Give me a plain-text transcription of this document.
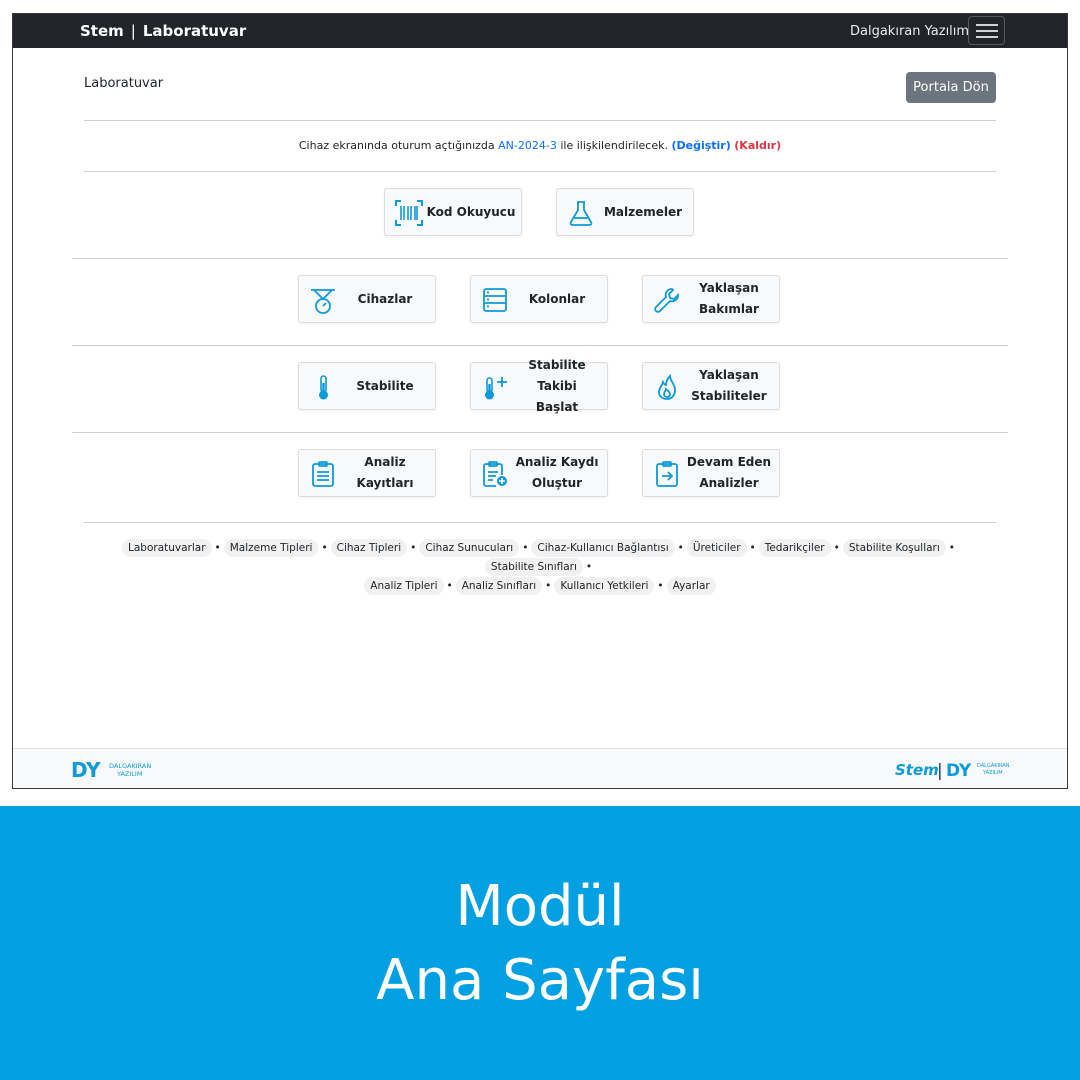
Stem | Laboratuvar	Dalgakıran Yazılım
Laboratuvar	Portala Dön
Cihaz ekranında oturum açtığınızda AN-2024-3 ile ilişkilendirilecek. (Değiştir) (Kaldır)
Kod Okuyucu	Malzemeler
Cihazlar	Kolonlar
Yaklaşan
Bakımlar
Stabilite
Stabilite Takibi
Başlat
Yaklaşan
Stabiliteler
Analiz
Kayıtları
Analiz Kaydı
Oluştur
Devam Eden
Analizler
Laboratuvarlar • Malzeme Tipleri • Cihaz Tipleri • Cihaz Sunucuları • Cihaz-Kullanıcı Bağlantısı • Üreticiler • Tedarikçiler • Stabilite Koşulları •Stabilite Sınıfları •
Analiz Tipleri • Analiz Sınıfları • Kullanıcı Yetkileri • Ayarlar
DY DALGAKIRAN
YAZILIM	Stem
| DY DALGAKIRAN
YAZILIM
Modül
Ana Sayfası
